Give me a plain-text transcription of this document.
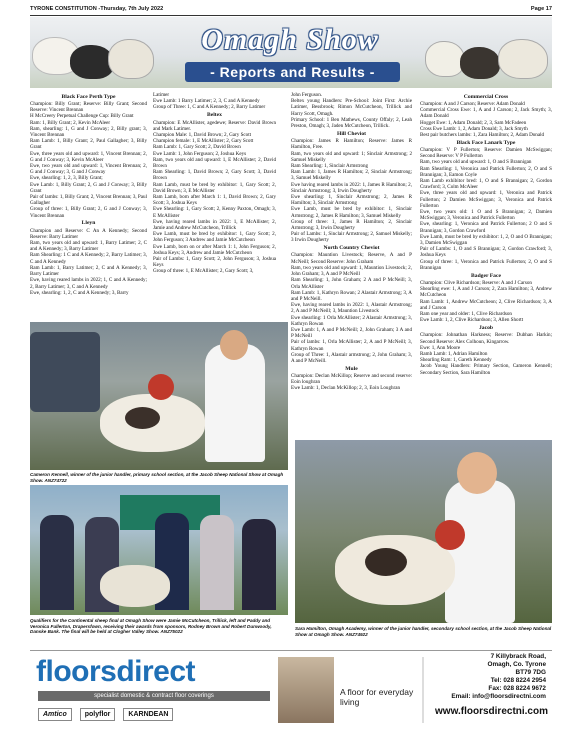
TYRONE CONSTITUTION -Thursday, 7th July 2022	Page 17
Omagh Show
- Reports and Results -
Black Face Perth Type

Champion: Billy Grant; Reserve: Billy Grant; Second Reserve: Vincent Brennan

H McCreery Perpetual Challenge Cup: Billy Grant

Ram: 1, Billy Grant; 2, Kevin McAleer

Ram, shearling: 1, G and J Conway; 2, Billy grant; 3, Vincent Brennan

Ram Lamb: 1, Billy Grant; 2, Paul Gallagher; 3, Billy Grant

Ewe, three years old and upward: 1, Vincent Brennan; 2, G and J Conway; 3, Kevin McAleer

Ewe, two years old and upward: 1, Vincent Brennan; 2, G and J Conway; 3, G and J Conway

Ewe, shearling: 1, 2, 3, Billy Grant;

Ewe Lamb: 1, Billy Grant; 2, G and J Conway; 3, Billy Grant

Pair of lambs: 1, Billy Grant; 2, Vincent Brennan; 3, Paul Gallagher

Group of three: 1, Billy Grant; 2, G and J Conway; 3, Vincent Brennan

Lleyn

Champion and Reserve: C An A Kennedy; Second Reserve: Barry Latimer

Ram, two years old and upward: 1, Barry Latimer; 2, C and A Kennedy; 3, Barry Latimer

Ram Shearling: 1 C and A Kennedy; 2, Barry Latimer; 3, C and A Kennedy

Ram Lamb: 1, Barry Latimer; 2, C and A Kennedy; 3, Barry Latimer

Ewe, having reared lambs in 2022; 1, C and A Kennedy; 2, Barry Latimer; 3, C and A Kennedy

Ewe, shearling: 1, 2, C and A Kennedy; 3, Barry

Latimer

Ewe Lamb: 1 Barry Latimer; 2, 3, C and A Kennedy

Group of Three: 1, C and A Kennedy; 2, Barry Latimer

Beltex

Champion: E McAllister, agedewe; Reserve: David Brown and Mark Latimer.

Champion Male: 1, David Brown; 2, Gary Scott

Champion female: 1, E McAllister; 2, Gary Scott

Ram Lamb: 1, Gary Scott; 2, David Brown

Ewe Lamb: 1, John Ferguson; 2, Joshua Keys

Ram, two years old and upward: 1, E McAllister; 2, David Brown

Ram Shearling: 1, David Brown; 2, Gary Scott; 3, David Brown

Ram Lamb, must be bred by exhibitor: 1, Gary Scott; 2, David Brown; 3, E McAllister

Ram Lamb, born after March 1: 1, David Brown; 2, Gary Scott; 3, Joshua Keys

Ewe Shearling: 1, Gary Scott; 2, Kenny Paxton, Omagh; 3, E McAllister

Ewe, having reared lambs in 2022: 1, E McAllister; 2, Jamie and Andrew McCutcheon, Trillick

Ewe Lamb, must be bred by exhibitor: 1, Gary Scott; 2, John Ferguson; 3 Andrew and Jamie McCutcheon

Ewe Lamb, born on or after March 1: 1, John Ferguson; 2, Joshua Keys; 3, Andrew and Jamie McCutcheon

Pair of Lambs: 1, Gary Scott; 2, John Ferguson; 3, Joshua Keys

Group of three: 1, E McAllister; 2, Gary Scott; 3,

John Ferguson.

Beltex young Handlers: Pre-School: Joint First: Archie Latimer, Bessbrook; Rimon McCutcheon, Trillick and Harry Scott, Omagh.

Primary School: 1 Ben Mathews, County Offaly; 2, Leah Preston, Omagh; 3, Jaden McCutcheon, Trillick.

Hill Cheviot

Champion: James R Hamilton; Reserve: James R Hamilton, Free.

Ram, two years old and upward: 1; Sinclair Armstrong; 2 Samuel Miskelly

Ram Shearling: 1, Sinclair Armstrong

Ram Lamb: 1, James R Hamilton; 2, Sinclair Armstrong; 3, Samuel Miskelly

Ewe having reared lambs in 2022: 1, James R Hamilton; 2, Sinclair Armstrong; 3, Irwin Dougherty

Ewe shearling: 1, Sinclair Armstrong; 2, James R Hamilton; 3, Sinclair Armstrong

Ewe Lamb, must be bred by exhibitor: 1, Sinclair Armstrong; 2, James R Hamilton; 3, Samuel Miskelly

Group of three: 1, James R Hamilton; 2, Sinclair Armstrong; 3, Irwin Dougherty

Pair of Lambs: 1, Sinclair Armstrong; 2, Samuel Miskelly; 3 Irwin Dougherty

North Country Cheviot

Champion: Mauntion Livestock; Reserve, A and P McNeill; Second Reserve: John Graham

Ram, two years old and upward: 1, Mauntion Livestock; 2, John Graham; 3, A and P McNeill

Ram Shearling: 1, John Graham; 2 A and P McNeill; 3, Orla McAllister

Ram Lamb: 1, Kathryn Rowan; 2 Alastair Armstrong; 3, A and P McNeill.

Ewe, having reared lambs in 2022: 1, Alastair Armstrong; 2, A and P McNeill; 3, Mauntion Livestock

Ewe shearling: 1 Orla McAllister; 2 Alastair Armstrong; 3, Kathryn Rowan

Ewe Lamb: 1, A and P McNeill; 2, John Graham; 3 A and P McNeill

Pair of lambs: 1, Orla McAllister; 2, A and P McNeill; 3, Kathryn Rowan

Group of Three: 1, Alastair armstrong; 2, John Graham; 3, A and P McNeill.

Mule

Champion: Declan McKillop; Reserve and second reserve: Eoin loughran

Ewe Lamb: 1, Declan McKillop; 2, 3, Eoin Loughran

Commercial Cross

Champion: A and J Carson; Reserve: Adam Donald

Commercial Cross Ewe: 1, A and J Carson; 2, Jack Smyth; 3, Adam Donald

Hogget Ewe: 1, Adam Donald; 2, 3, Sam McFadeen

Cross Ewe Lamb: 1, 2, Adam Donald; 3, Jack Smyth

Best pair butchers lambs: 1, Zara Hamilton; 2, Adam Donald

Black Face Lanark Type

Champion: V P Fullerton; Reserve: Damien McSwiggan; Second Reserve: V P Fullerton

Ram, two years old and upward: 1, O and S Brannigan

Ram Shearling: 1, Veronica and Patrick Fullerton; 2, O and S Brannigan; 3, Eamon Coyle

Ram Lamb exhibitor bred: 1, O and S Brannigan; 2, Gordon Crawford; 3, Colm McAleer

Ewe, three years old and upward: 1, Veronica and Patrick Fullerton; 2 Damien McSwiggan; 3, Veronica and Patrick Fullerton

Ewe, two years old: 1 O and S Brannigan; 2, Damien McSwiggan; 3, Veronica and Patrick Fullerton

Ewe, shearling: 1, Veronica and Patrick Fullerton; 2 O and S Brannigan; 3, Gordon Crawford

Ewe Lamb, must be bred by exhibitor: 1, 2, O and O Brannigan; 3, Damien McSwiggan

Pair of Lambs: 1, O and S Brannigan; 2, Gordon Crawford; 3, Joshua Keys

Group of three: 1, Veronica and Patrick Fullerton; 2, O and S Brannigan

Badger Face

Champion: Clive Richardson; Reserve: A and J Carson

Shearling ewe: 1, A and J Carson; 2, Zara Hamilton; 3, Andrew McCutcheon

Ram Lamb: 1, Andrew McCutcheon; 2, Clive Richardson; 3, A and J Carson

Ram one year and older: 1, Clive Richardson

Ewe Lamb: 1, 2, Clive Richardson; 3, Allen Shortt

Jacob

Champion: Johnathan Harkness; Reserve: Dubhan Harkin; Second Reserve: Alex Colhoun, Kingarrow.

Ewe: 1, Ann Moore

Ramb Lamb: 1, Adrian Hamilton

Shearling Ram: 1, Gareth Kennedy

Jacob Young Handlers: Primary Section, Cameron Kennell; Secondary Section, Sara Hamilton

Cameron Kennell, winner of the junior handler, primary school section, at the Jacob Sheep National Show at Omagh Show. ANZ74722
Qualifiers for the Continental sheep final at Omagh Show were Jamie McCutcheon, Trillick, left and Paddy and Veronica Fullerton, Drapersfown, receiving their awards from sponsors, Rodney Brown and Robert Dunwoody, Danske Bank. The final will be held at Clogher Valley Show. ANZ75022
Sara Hamilton, Omagh Academy, winner of the junior handler, secondary school section, at the Jacob Sheep National Show at Omagh Show. ANZ74922
floorsdirect
specialist domestic & contract floor coverings
Amtico	polyflor	KARNDEAN
A floor for everyday living
7 Killybrack Road,
Omagh, Co. Tyrone
BT79 7DG
Tel: 028 8224 2954
Fax: 028 8224 9672
Email: info@floorsdirectni.com
www.floorsdirectni.com
